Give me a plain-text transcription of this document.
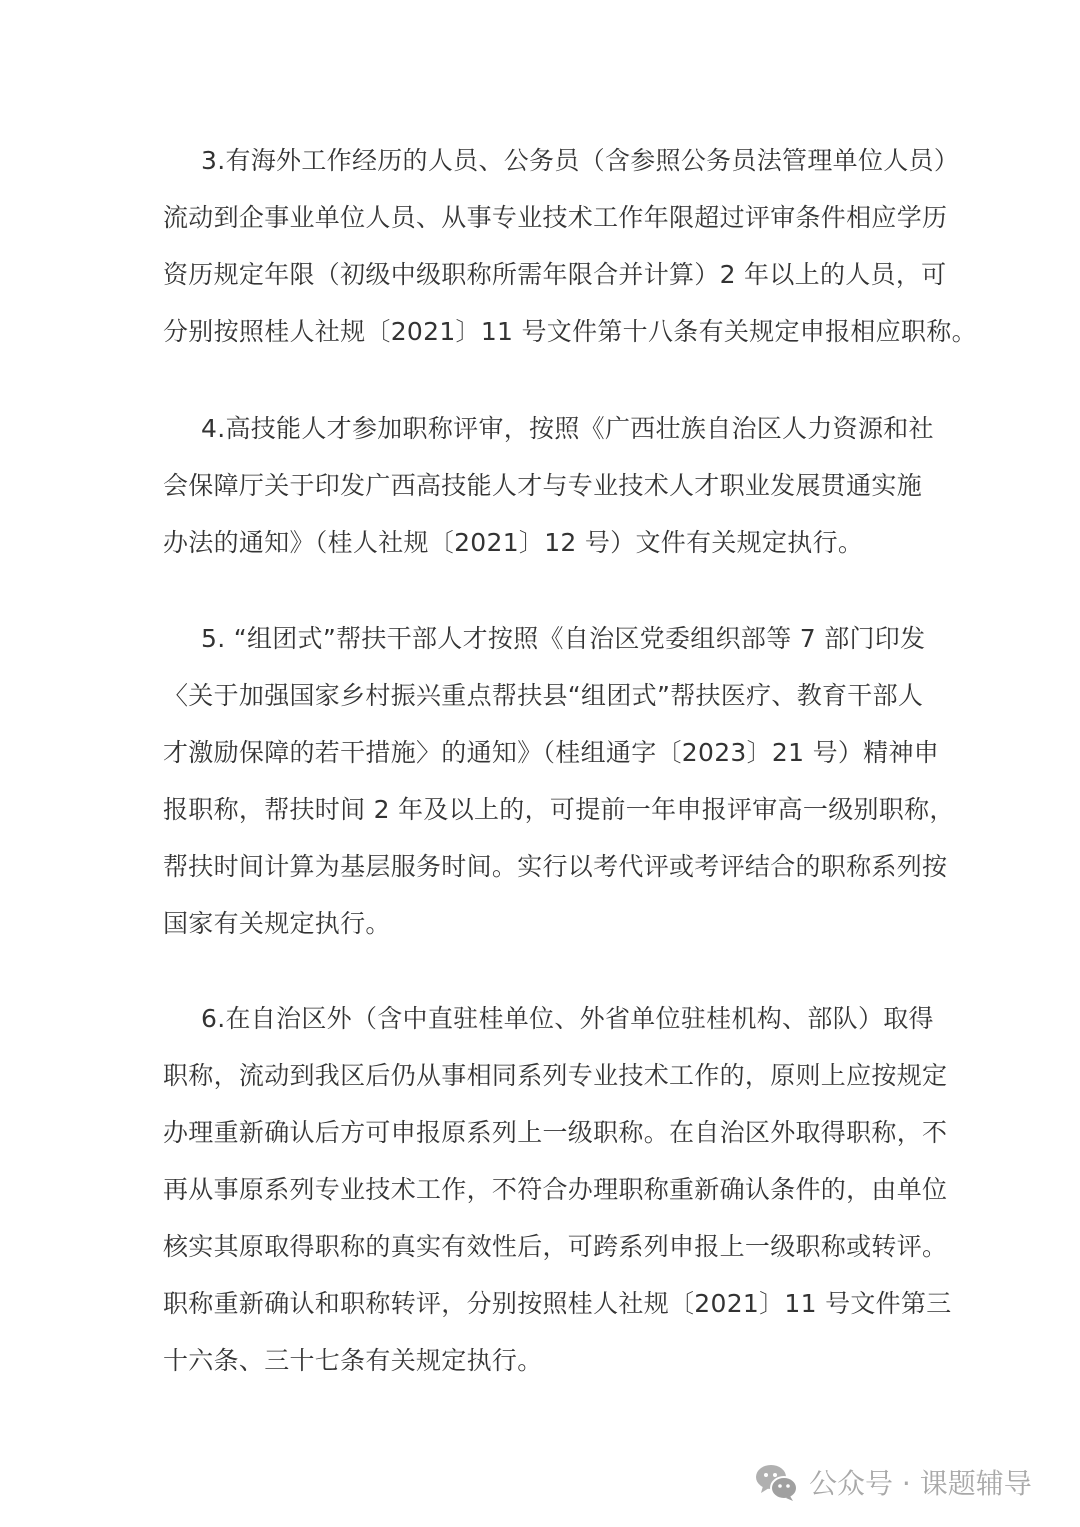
3.有海外工作经历的人员、公务员（含参照公务员法管理单位人员）
流动到企事业单位人员、从事专业技术工作年限超过评审条件相应学历
资历规定年限（初级中级职称所需年限合并计算）2 年以上的人员，可
分别按照桂人社规〔2021〕11 号文件第十八条有关规定申报相应职称。
4.高技能人才参加职称评审，按照《广西壮族自治区人力资源和社
会保障厅关于印发广西高技能人才与专业技术人才职业发展贯通实施
办法的通知》（桂人社规〔2021〕12 号）文件有关规定执行。
5. “组团式”帮扶干部人才按照《自治区党委组织部等 7 部门印发
〈关于加强国家乡村振兴重点帮扶县“组团式”帮扶医疗、教育干部人
才激励保障的若干措施〉的通知》（桂组通字〔2023〕21 号）精神申
报职称，帮扶时间 2 年及以上的，可提前一年申报评审高一级别职称，
帮扶时间计算为基层服务时间。实行以考代评或考评结合的职称系列按
国家有关规定执行。
6.在自治区外（含中直驻桂单位、外省单位驻桂机构、部队）取得
职称，流动到我区后仍从事相同系列专业技术工作的，原则上应按规定
办理重新确认后方可申报原系列上一级职称。在自治区外取得职称，不
再从事原系列专业技术工作，不符合办理职称重新确认条件的，由单位
核实其原取得职称的真实有效性后，可跨系列申报上一级职称或转评。
职称重新确认和职称转评，分别按照桂人社规〔2021〕11 号文件第三
十六条、三十七条有关规定执行。
公众号 · 课题辅导
